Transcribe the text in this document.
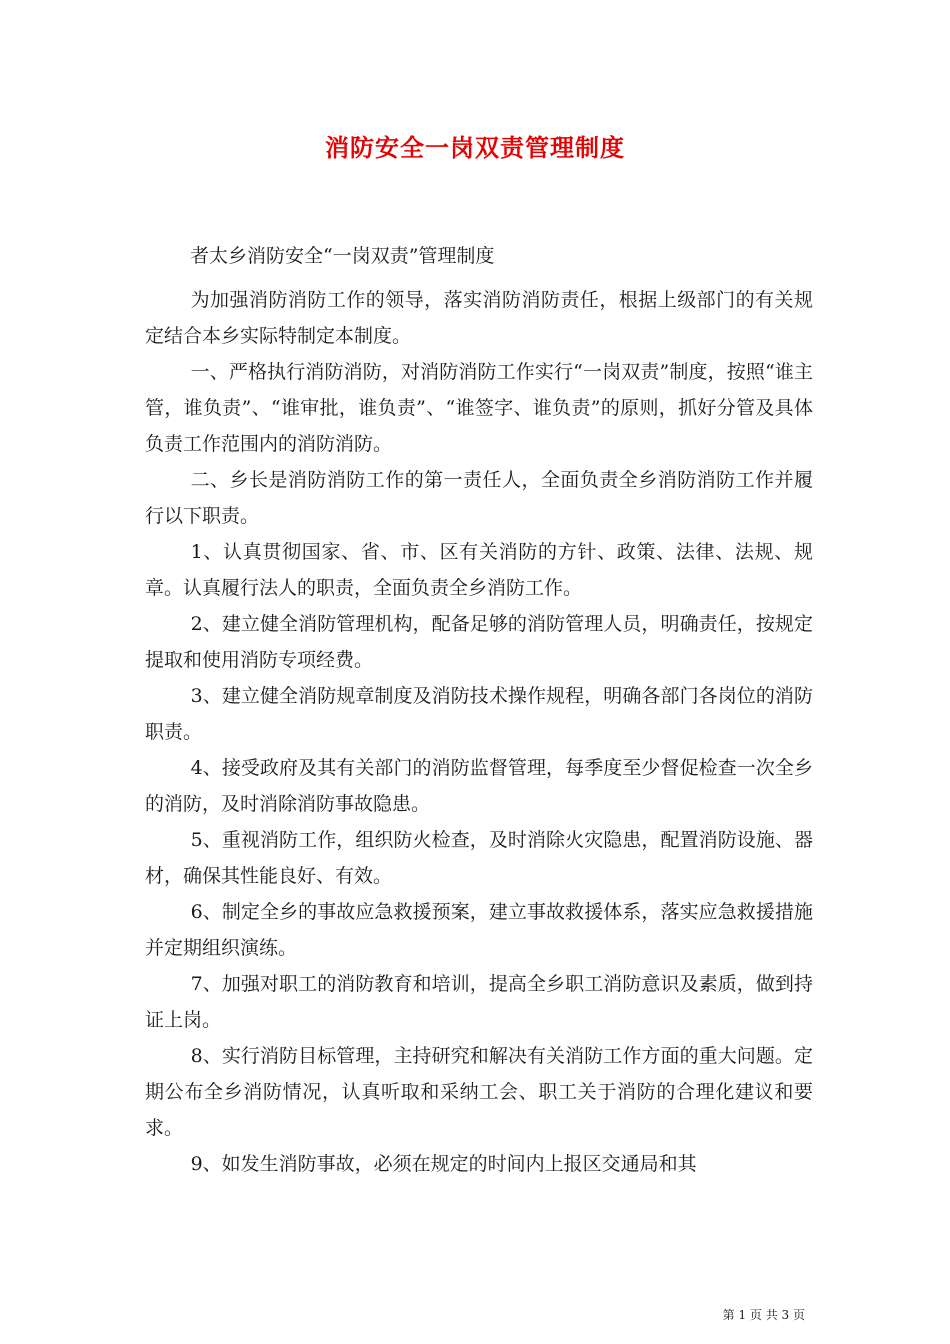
消防安全一岗双责管理制度
者太乡消防安全“一岗双责”管理制度

为加强消防消防工作的领导，落实消防消防责任，根据上级部门的有关规定结合本乡实际特制定本制度。

一、严格执行消防消防，对消防消防工作实行“一岗双责”制度，按照“谁主管，谁负责”、“谁审批，谁负责”、“谁签字、谁负责”的原则，抓好分管及具体负责工作范围内的消防消防。

二、乡长是消防消防工作的第一责任人，全面负责全乡消防消防工作并履行以下职责。

1、认真贯彻国家、省、市、区有关消防的方针、政策、法律、法规、规章。认真履行法人的职责，全面负责全乡消防工作。

2、建立健全消防管理机构，配备足够的消防管理人员，明确责任，按规定提取和使用消防专项经费。

3、建立健全消防规章制度及消防技术操作规程，明确各部门各岗位的消防职责。

4、接受政府及其有关部门的消防监督管理，每季度至少督促检查一次全乡的消防，及时消除消防事故隐患。

5、重视消防工作，组织防火检查，及时消除火灾隐患，配置消防设施、器材，确保其性能良好、有效。

6、制定全乡的事故应急救援预案，建立事故救援体系，落实应急救援措施并定期组织演练。

7、加强对职工的消防教育和培训，提高全乡职工消防意识及素质，做到持证上岗。

8、实行消防目标管理，主持研究和解决有关消防工作方面的重大问题。定期公布全乡消防情况，认真听取和采纳工会、职工关于消防的合理化建议和要求。

9、如发生消防事故，必须在规定的时间内上报区交通局和其

第 1 页 共 3 页
